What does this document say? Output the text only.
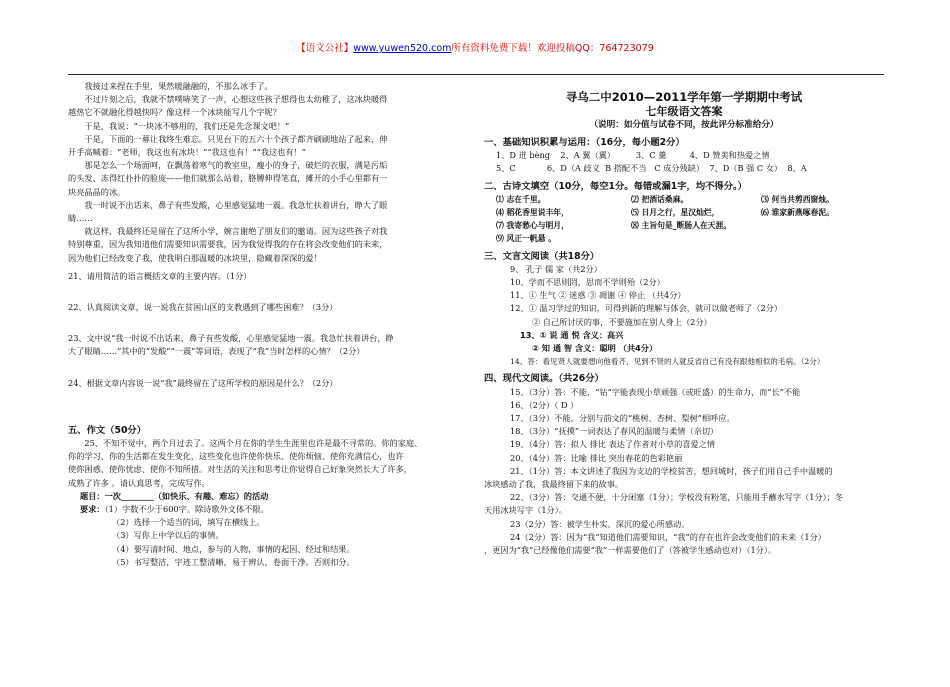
【语文公社】www.yuwen520.com所有资料免费下载！欢迎投稿QQ：764723079

我接过来捏在手里，果然暖融融的，不那么冰手了。

不过片刻之后，我就不禁噗哧笑了一声，心想这些孩子想得也太幼稚了，这冰块暖得

越热它不就融化得越快吗？像这样一个冰块能写几个字呢？

于是，我说：“一块冰不够用的，我们还是先念课文吧！”

于是，下面的一幕让我终生难忘。只见台下的五六十个孩子都齐刷刷地站了起来，伸

开手高喊着：“老师，我这也有冰块！”“我这也有！”“我这也有！”

那是怎么一个场面呵，在飘荡着寒气的教室里，瘦小的身子，破烂的衣服，满是污垢

的头发、冻得红扑扑的脸庞——他们就那么站着，胳膊伸得笔直，摊开的小手心里都有一

块亮晶晶的冰。

我一时说不出话来，鼻子有些发酸，心里感觉猛地一震。我急忙扶着讲台，睁大了眼

睛……

就这样，我最终还是留在了这所小学，婉言谢绝了朋友们的邀请。因为这些孩子对我

特别尊重，因为我知道他们需要知识需要我，因为我觉得我的存在将会改变他们的未来，

因为他们已经改变了我，使我明白那温暖的冰块里，隐藏着深深的爱！

21、请用简洁的语言概括文章的主要内容。（1分）

22、认真阅读文章，说一说我在贫困山区的支教遇到了哪些困难？（3分）

23、文中说“我一时说不出话来，鼻子有些发酸，心里感觉猛地一震。我急忙扶着讲台，睁

大了眼睛……”其中的“发酸”“一震”等词语，表现了“我”当时怎样的心情？（2分）

24、根据文章内容说一说“我”最终留在了这所学校的原因是什么？（2分）

五、作文（50分）

25、不知不觉中，两个月过去了。这两个月在你的学生生涯里也许是最不寻常的。你的家庭、

你的学习、你的生活都在发生变化，这些变化也许使你快乐、使你烦恼、使你充满信心，也许

使你困惑、使你忧虑、使你不知所措。对生活的关注和思考让你觉得自己好象突然长大了许多，

成熟了许多 。请认真思考，完成写作。

题目：一次________（如快乐、有趣、难忘）的活动

要求：（1）字数不少于600字。除诗歌外文体不限。

（2）选择一个适当的词，填写在横线上。

（3）写你上中学以后的事情。

（4）要写清时间、地点，参与的人物，事情的起因、经过和结果。

（5）书写整洁，字迹工整清晰，易于辨认，卷面干净。否则扣分。

寻乌二中2010—2011学年第一学期期中考试
七年级语文答案
（说明：如分值与试卷不同，按此评分标准给分）
一、基础知识积累与运用：（16分，每小题2分）

1、D 迸 bèng    2、A 翼（翼）        3、C 羹         4、D 赞美和热爱之情

5、C            6、D（A 歧义  B 搭配不当   C 成分残缺）  7、D（B 强 C 女）  8、A

二、古诗文填空（10分，每空1分。每错或漏1字，均不得分。）
⑴ 志在千里。	⑵ 把酒话桑麻。	⑶ 何当共剪西窗烛。
⑷ 稻花香里说丰年，	⑸ 日月之行，星汉灿烂，	⑹ 谁家新燕啄春泥。
⑺ 我寄愁心与明月，	⑻ 主旨句是_断肠人在天涯。
⑼ 风正一帆悬 。
三、文言文阅读（共18分）

9、 孔子 儒 家（共2分）

10、学而不思则罔，思而不学则殆（2分）

11、① 生气 ② 迷惑 ③ 凋谢 ④ 停止 （共4分）

12、① 温习学过的知识，可得到新的理解与体会，就可以做老师了（2分）

② 自己所讨厌的事，不要施加在别人身上（2分）

13、① 说 通 悦 含义：高兴

② 知 通 智 含义：聪明 （共4分）

14、答：看见贤人就要想向他看齐，见到不贤的人就反省自己有没有跟他相似的毛病。（2分）

四、现代文阅读。（共26分）

15、（3分）答：不能，“钻”字能表现小草顽强（或旺盛）的生命力，而“长”不能

16、（2分）（ D ）

17、（3分）不能，分别与前文的“桃树、杏树、梨树”相呼应。

18、（3分）“抚摸”一词表达了春风的温暖与柔情（亲切）

19、（4分）答：拟人 排比 表达了作者对小草的喜爱之情

20、（4分）答：比喻 排比 突出春花的色彩艳丽

21、（1分）答：本文讲述了我因为支边的学校贫苦，想回城时，孩子们用自己手中温暖的

冰块感动了我，我最终留下来的故事。

22、（3分）答：交通不便，十分闭塞（1分）；学校没有粉笔，只能用手蘸水写字（1分）；冬

天用冰块写字（1分）。

23（2分）答：被学生朴实、深沉的爱心所感动。

24（2分）答：因为“我”知道他们需要知识，“我”的存在也许会改变他们的未来（1分）

，更因为“我”已经像他们需要“我”一样需要他们了（答被学生感动也对）（1分）。
